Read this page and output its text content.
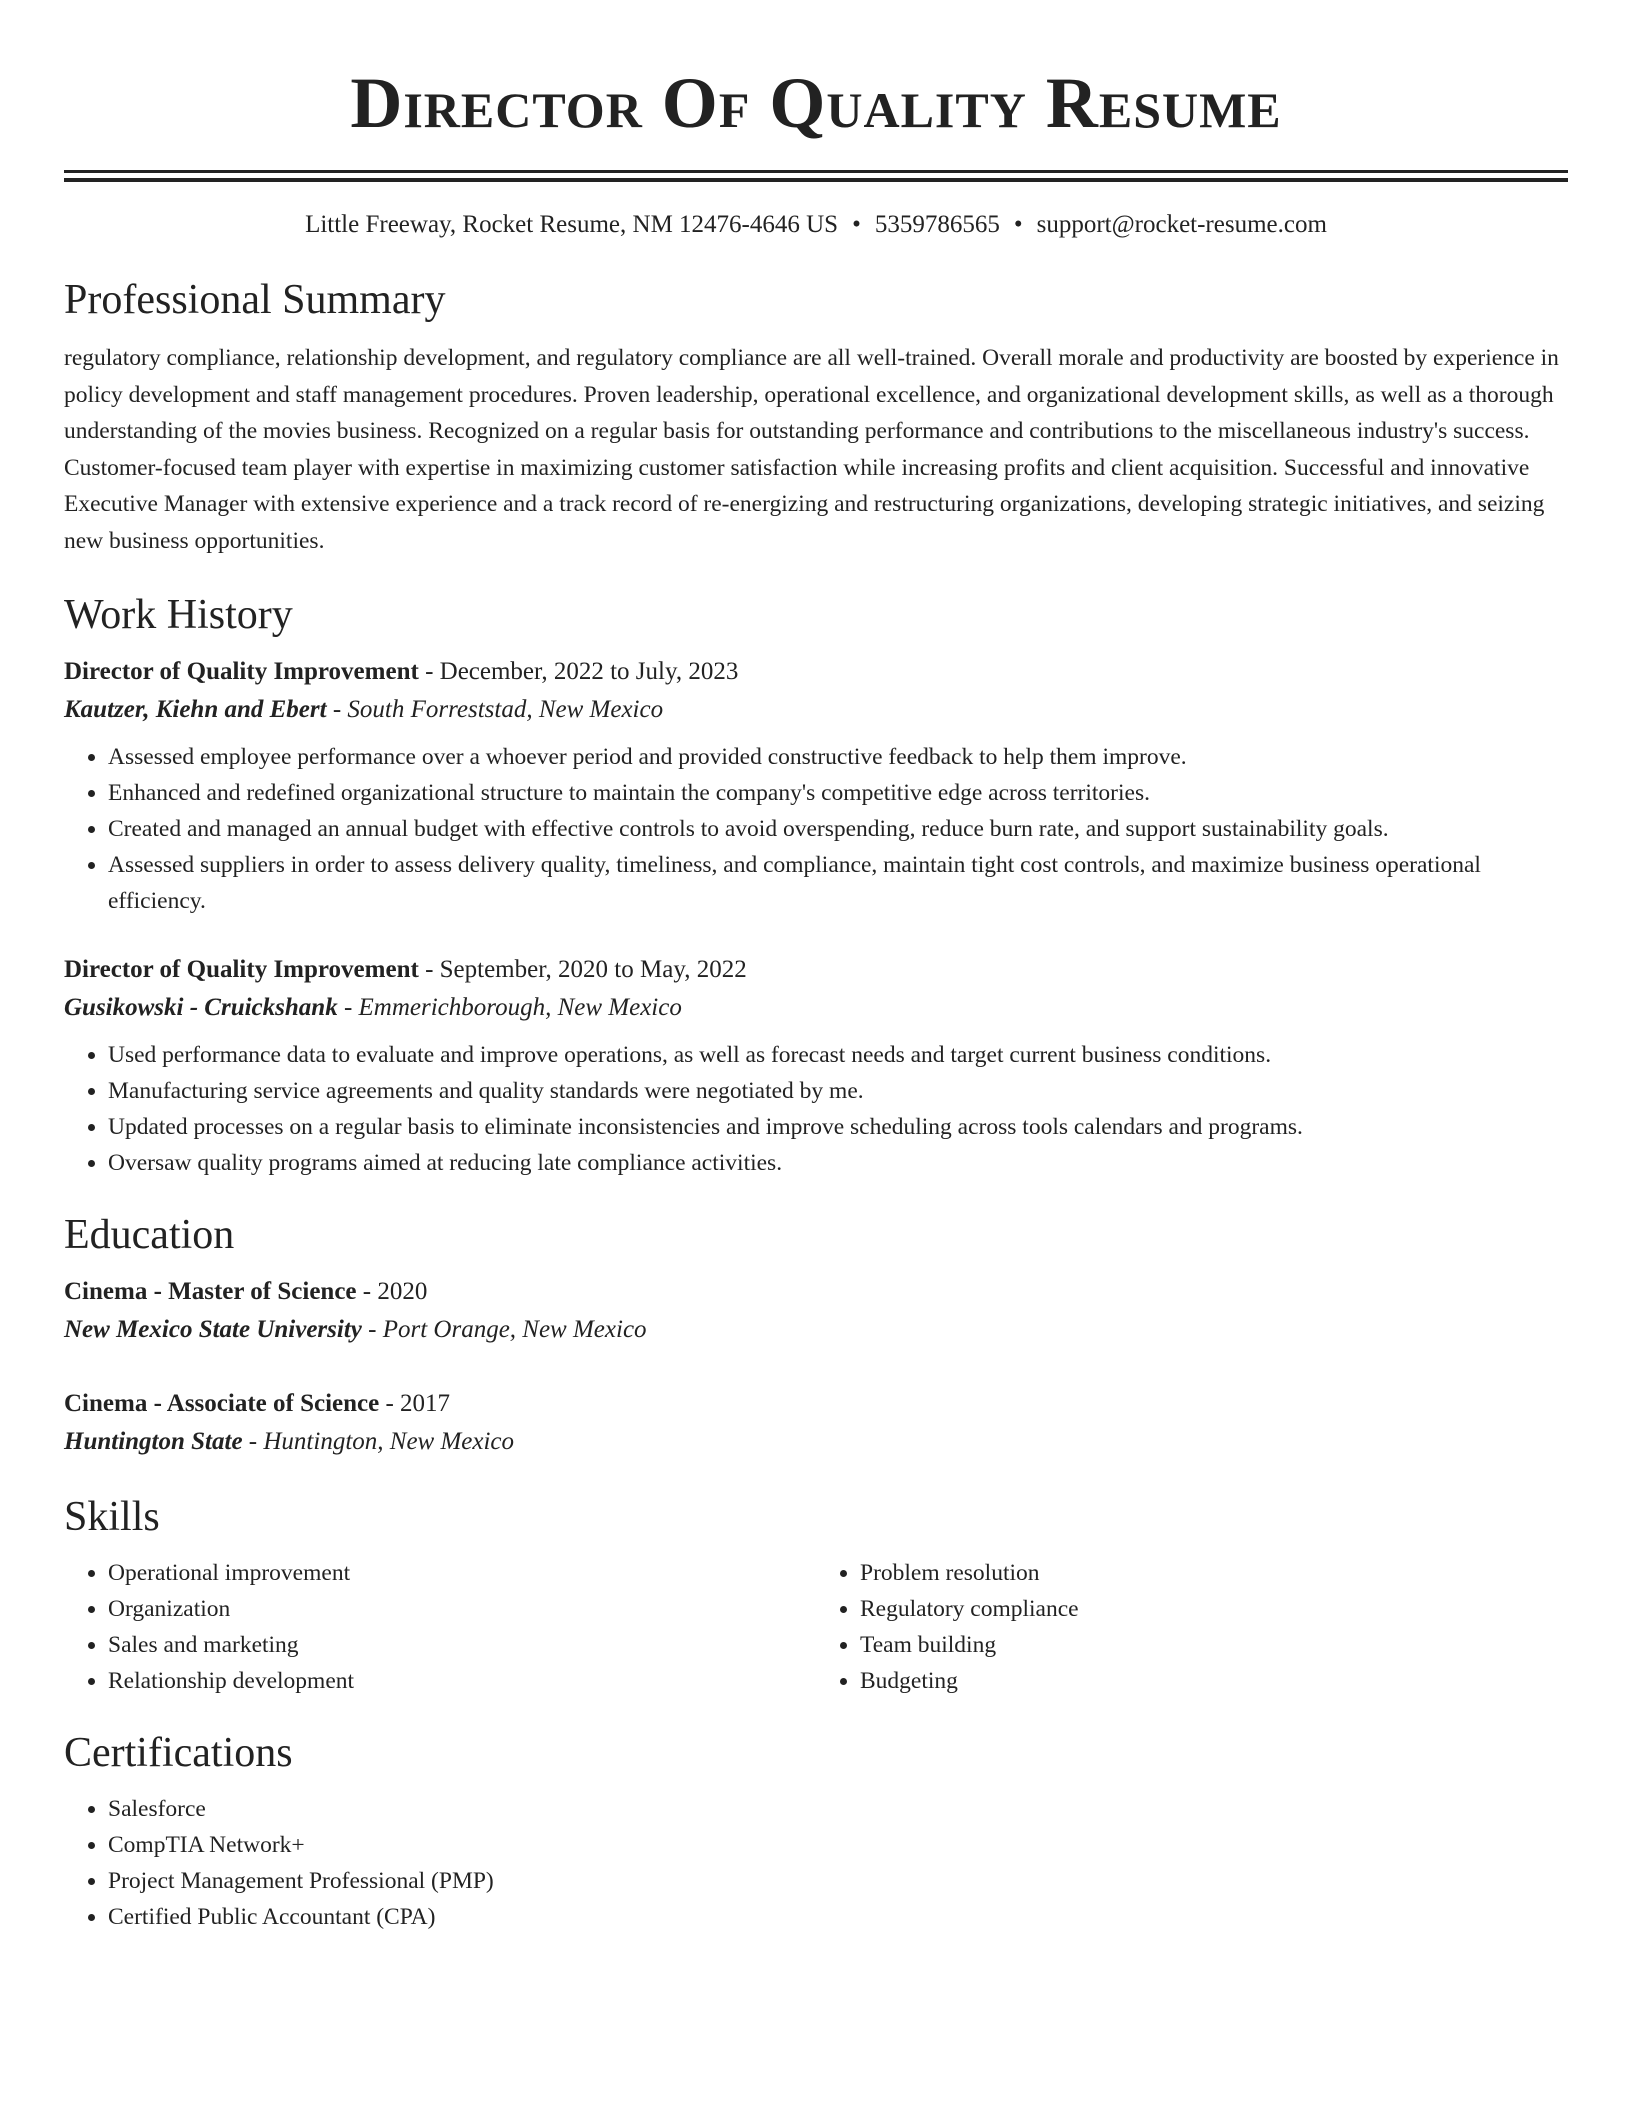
Director Of Quality Resume
Little Freeway, Rocket Resume, NM 12476-4646 US • 5359786565 • support@rocket-resume.com
Professional Summary

regulatory compliance, relationship development, and regulatory compliance are all well-trained. Overall morale and productivity are boosted by experience in policy development and staff management procedures. Proven leadership, operational excellence, and organizational development skills, as well as a thorough understanding of the movies business. Recognized on a regular basis for outstanding performance and contributions to the miscellaneous industry's success. Customer-focused team player with expertise in maximizing customer satisfaction while increasing profits and client acquisition. Successful and innovative Executive Manager with extensive experience and a track record of re-energizing and restructuring organizations, developing strategic initiatives, and seizing new business opportunities.

Work History
Director of Quality Improvement - December, 2022 to July, 2023
Kautzer, Kiehn and Ebert - South Forreststad, New Mexico
• Assessed employee performance over a whoever period and provided constructive feedback to help them improve.
• Enhanced and redefined organizational structure to maintain the company's competitive edge across territories.
• Created and managed an annual budget with effective controls to avoid overspending, reduce burn rate, and support sustainability goals.
• Assessed suppliers in order to assess delivery quality, timeliness, and compliance, maintain tight cost controls, and maximize business operational efficiency.
Director of Quality Improvement - September, 2020 to May, 2022
Gusikowski - Cruickshank - Emmerichborough, New Mexico
• Used performance data to evaluate and improve operations, as well as forecast needs and target current business conditions.
• Manufacturing service agreements and quality standards were negotiated by me.
• Updated processes on a regular basis to eliminate inconsistencies and improve scheduling across tools calendars and programs.
• Oversaw quality programs aimed at reducing late compliance activities.
Education
Cinema - Master of Science - 2020
New Mexico State University - Port Orange, New Mexico
Cinema - Associate of Science - 2017
Huntington State - Huntington, New Mexico
Skills
• Operational improvement
• Organization
• Sales and marketing
• Relationship development
• Problem resolution
• Regulatory compliance
• Team building
• Budgeting
Certifications
• Salesforce
• CompTIA Network+
• Project Management Professional (PMP)
• Certified Public Accountant (CPA)
